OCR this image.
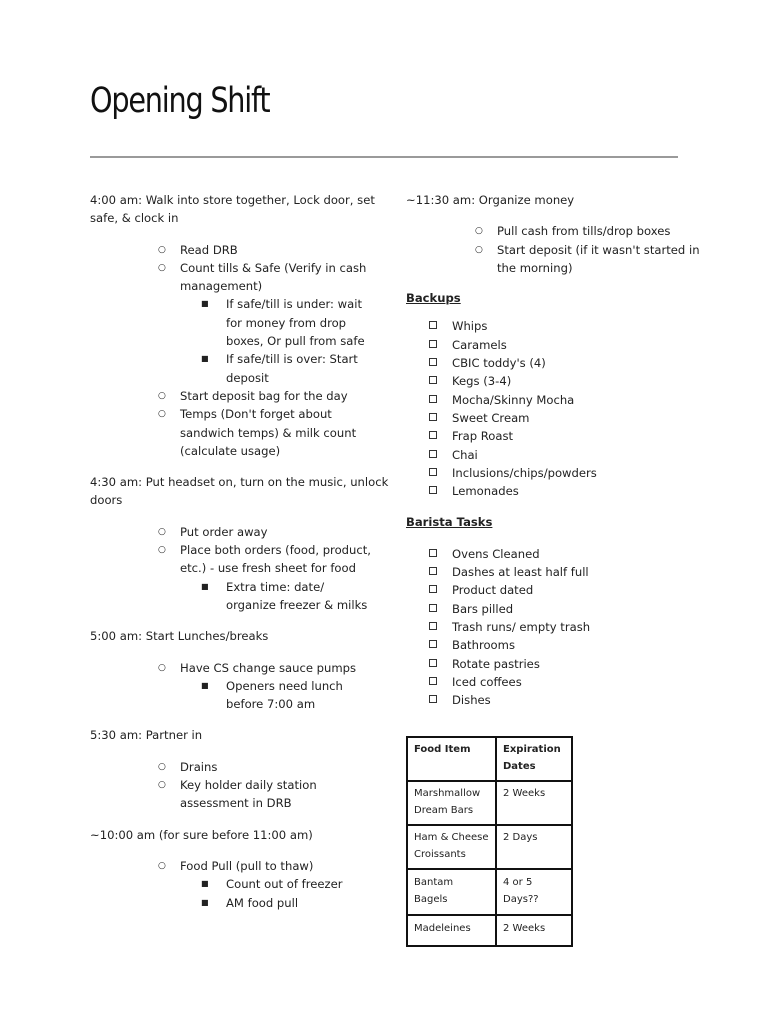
Opening Shift
4:00 am: Walk into store together, Lock door, set
safe, & clock in
○ Read DRB
○ Count tills & Safe (Verify in cash
management)
■ If safe/till is under: wait
for money from drop
boxes, Or pull from safe
■ If safe/till is over: Start
deposit
○ Start deposit bag for the day
○ Temps (Don't forget about
sandwich temps) & milk count
(calculate usage)
4:30 am: Put headset on, turn on the music, unlock
doors
○ Put order away
○ Place both orders (food, product,
etc.) - use fresh sheet for food
■ Extra time: date/
organize freezer & milks
5:00 am: Start Lunches/breaks
○ Have CS change sauce pumps
■ Openers need lunch
before 7:00 am
5:30 am: Partner in
○ Drains
○ Key holder daily station
assessment in DRB
~10:00 am (for sure before 11:00 am)
○ Food Pull (pull to thaw)
■ Count out of freezer
■ AM food pull
~11:30 am: Organize money
○ Pull cash from tills/drop boxes
○ Start deposit (if it wasn't started in
the morning)
Backups
Whips
Caramels
CBIC toddy's (4)
Kegs (3-4)
Mocha/Skinny Mocha
Sweet Cream
Frap Roast
Chai
Inclusions/chips/powders
Lemonades
Barista Tasks
Ovens Cleaned
Dashes at least half full
Product dated
Bars pilled
Trash runs/ empty trash
Bathrooms
Rotate pastries
Iced coffees
Dishes
Food Item	Expiration
Dates
Marshmallow
Dream Bars	2 Weeks
Ham & Cheese
Croissants	2 Days
Bantam Bagels	4 or 5 Days??
Madeleines	2 Weeks
